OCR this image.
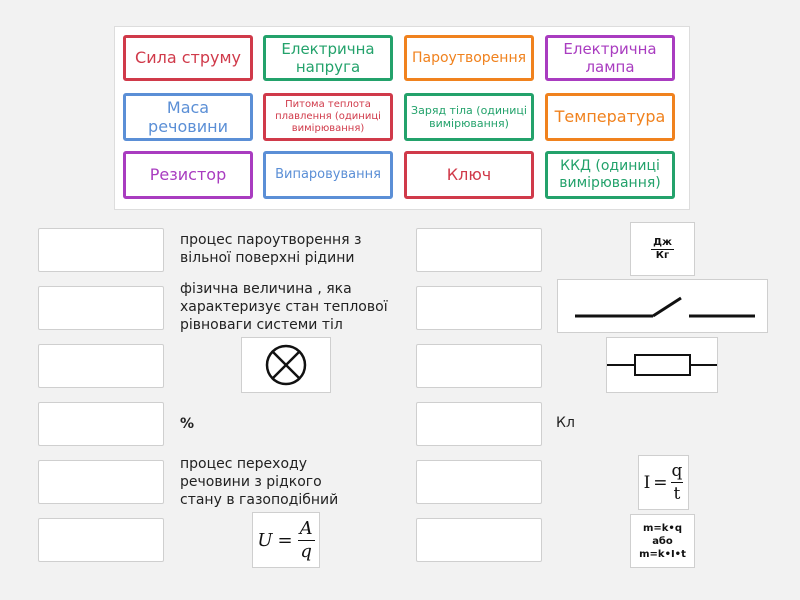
Сила струму	Електрична напруга
Пароутворення	Електрична лампа
Маса речовини
Питома теплота плавлення (одиниці вимірювання)
Заряд тіла (одиниці вимірювання)	Температура
Резистор	Випаровування	Ключ	ККД (одиниці вимірювання)
процес пароутворення з вільної поверхні рідини
фізична величина , яка характеризує стан теплової рівноваги системи тіл
%
процес переходу речовини з рідкого стану в газоподібний
$U = \frac{A}{q}$
Дж
Кг
Кл
$I = \frac{q}{t}$
m=k•q
або
m=k•I•t
